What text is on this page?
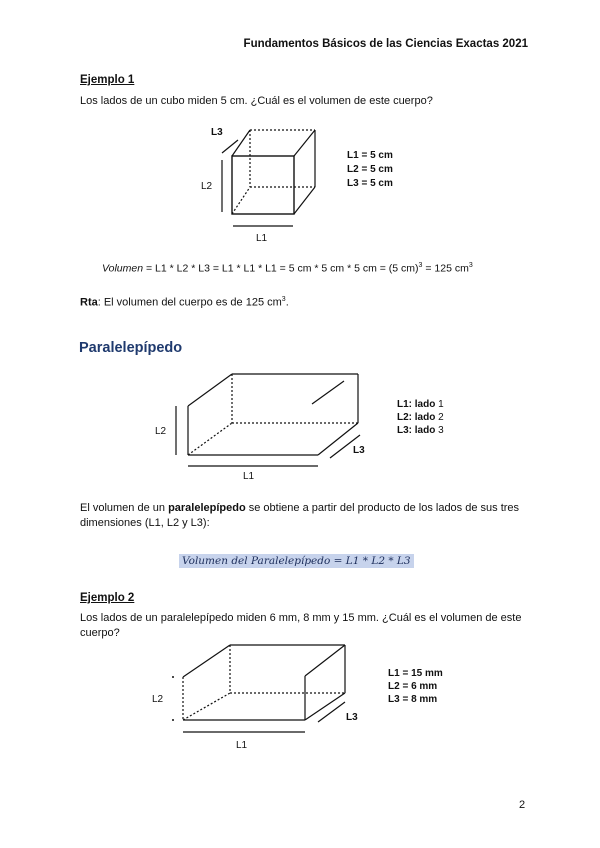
Fundamentos Básicos de las Ciencias Exactas 2021
Ejemplo 1
Los lados de un cubo miden 5 cm. ¿Cuál es el volumen de este cuerpo?
L3
L2
L1
L1 = 5 cm
L2 = 5 cm
L3 = 5 cm
Volumen = L1 * L2 * L3 = L1 * L1 * L1 = 5 cm * 5 cm * 5 cm = (5 cm)$^3$ = 125 $cm^3$
Rta: El volumen del cuerpo es de 125 $cm^3$.
Paralelepípedo
L2
L1
L3
L1: lado 1
L2: lado 2
L3: lado 3
El volumen de un paralelepípedo se obtiene a partir del producto de los lados de sus tres
dimensiones (L1, L2 y L3):
Volumen del Paralelepípedo = L1 * L2 * L3
Ejemplo 2
Los lados de un paralelepípedo miden 6 mm, 8 mm y 15 mm. ¿Cuál es el volumen de este
cuerpo?
L2
L1
L3
L1 = 15 mm
L2 = 6 mm
L3 = 8 mm
2
